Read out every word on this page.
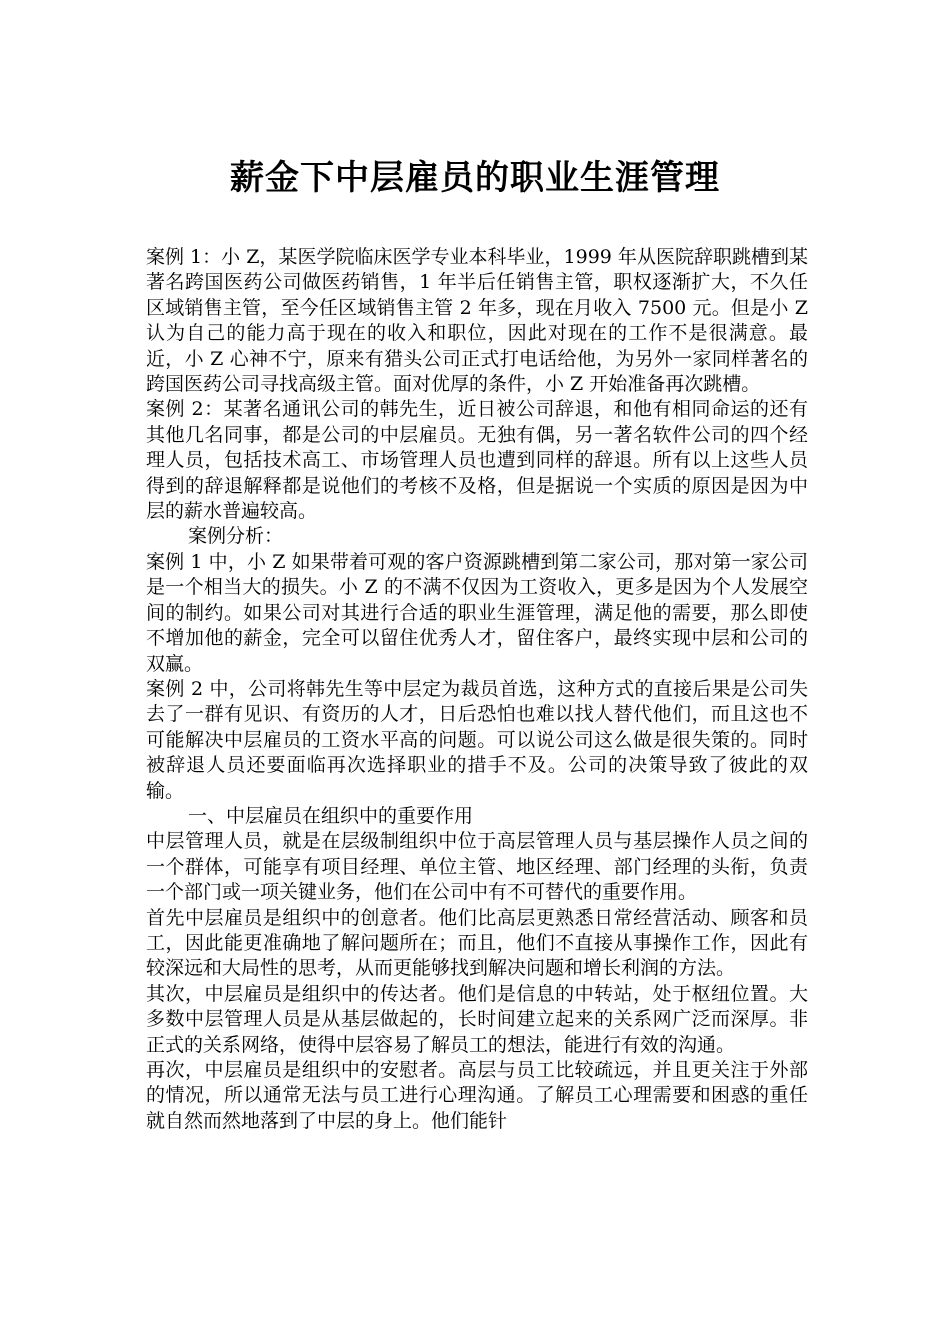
薪金下中层雇员的职业生涯管理

案例 1：小 Z，某医学院临床医学专业本科毕业，1999 年从医院辞职跳槽到某著名跨国医药公司做医药销售，1 年半后任销售主管，职权逐渐扩大，不久任区域销售主管，至今任区域销售主管 2 年多，现在月收入 7500 元。但是小 Z 认为自己的能力高于现在的收入和职位，因此对现在的工作不是很满意。最近，小 Z 心神不宁，原来有猎头公司正式打电话给他，为另外一家同样著名的跨国医药公司寻找高级主管。面对优厚的条件，小 Z 开始准备再次跳槽。

案例 2：某著名通讯公司的韩先生，近日被公司辞退，和他有相同命运的还有其他几名同事，都是公司的中层雇员。无独有偶，另一著名软件公司的四个经理人员，包括技术高工、市场管理人员也遭到同样的辞退。所有以上这些人员得到的辞退解释都是说他们的考核不及格，但是据说一个实质的原因是因为中层的薪水普遍较高。

案例分析：

案例 1 中，小 Z 如果带着可观的客户资源跳槽到第二家公司，那对第一家公司是一个相当大的损失。小 Z 的不满不仅因为工资收入，更多是因为个人发展空间的制约。如果公司对其进行合适的职业生涯管理，满足他的需要，那么即使不增加他的薪金，完全可以留住优秀人才，留住客户，最终实现中层和公司的双赢。

案例 2 中，公司将韩先生等中层定为裁员首选，这种方式的直接后果是公司失去了一群有见识、有资历的人才，日后恐怕也难以找人替代他们，而且这也不可能解决中层雇员的工资水平高的问题。可以说公司这么做是很失策的。同时被辞退人员还要面临再次选择职业的措手不及。公司的决策导致了彼此的双输。

一、中层雇员在组织中的重要作用

中层管理人员，就是在层级制组织中位于高层管理人员与基层操作人员之间的一个群体，可能享有项目经理、单位主管、地区经理、部门经理的头衔，负责一个部门或一项关键业务，他们在公司中有不可替代的重要作用。

首先中层雇员是组织中的创意者。他们比高层更熟悉日常经营活动、顾客和员工，因此能更准确地了解问题所在；而且，他们不直接从事操作工作，因此有较深远和大局性的思考，从而更能够找到解决问题和增长利润的方法。

其次，中层雇员是组织中的传达者。他们是信息的中转站，处于枢纽位置。大多数中层管理人员是从基层做起的，长时间建立起来的关系网广泛而深厚。非正式的关系网络，使得中层容易了解员工的想法，能进行有效的沟通。

再次，中层雇员是组织中的安慰者。高层与员工比较疏远，并且更关注于外部的情况，所以通常无法与员工进行心理沟通。了解员工心理需要和困惑的重任就自然而然地落到了中层的身上。他们能针
